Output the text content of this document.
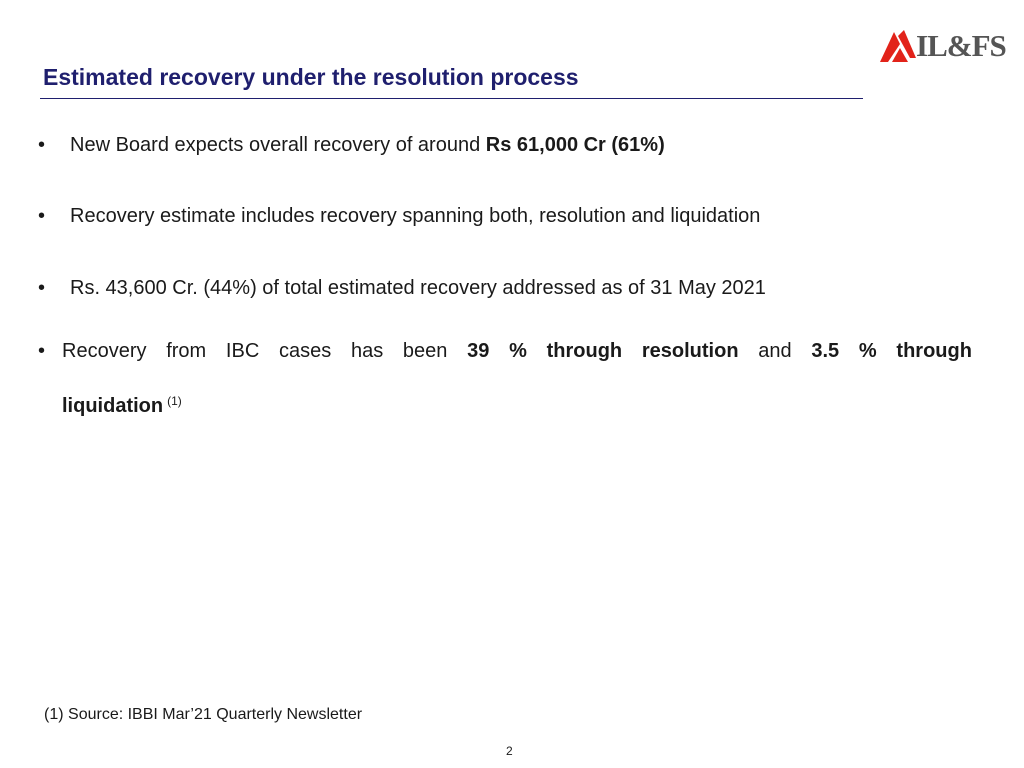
IL&FS
Estimated recovery under the resolution process
• New Board expects overall recovery of around Rs 61,000 Cr (61%)
• Recovery estimate includes recovery spanning both, resolution and liquidation
• Rs. 43,600 Cr. (44%) of total estimated recovery addressed as of 31 May 2021
• Recovery from IBC cases has been 39 % through resolution and 3.5 % through
liquidation $^{(1)}$
(1) Source: IBBI Mar’21 Quarterly Newsletter
2
